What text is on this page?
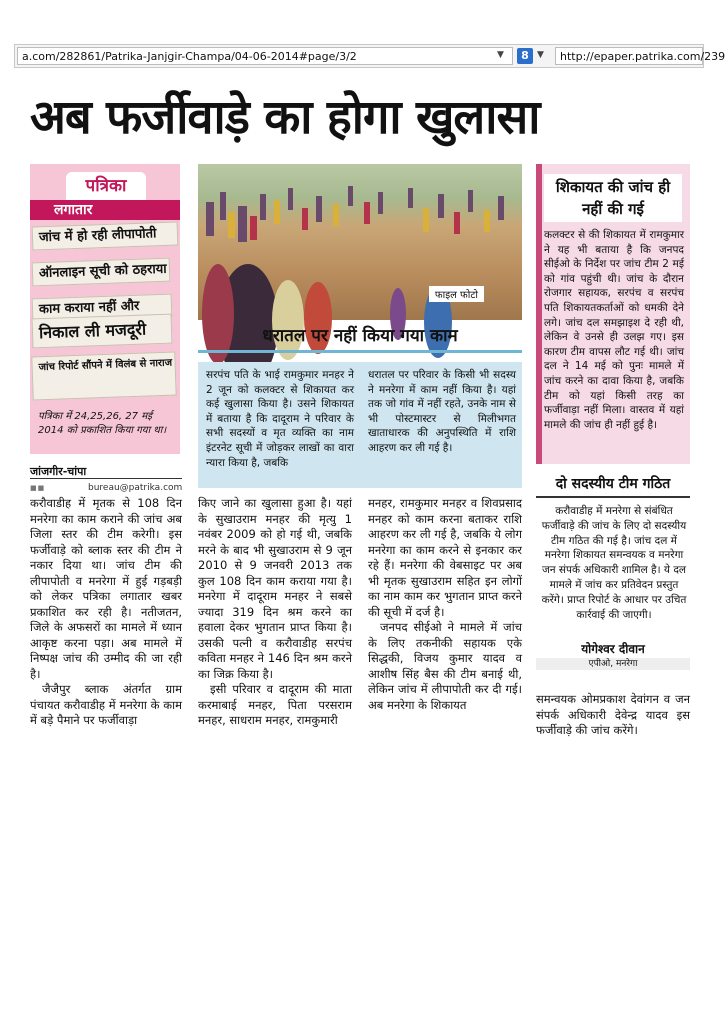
a.com/282861/Patrika-Janjgir-Champa/04-06-2014#page/3/2	▼	8 ▼	http://epaper.patrika.com/239
अब फर्जीवाड़े का होगा खुलासा
पत्रिका
लगातार
जांच में हो रही लीपापोती
ऑनलाइन सूची को ठहराया
काम कराया नहीं और
निकाल ली मजदूरी
जांच रिपोर्ट सौंपने में विलंब से नाराज
पत्रिका में 24,25,26, 27 मई 2014 को प्रकाशित किया गया था।
जांजगीर-चांपा
■■	bureau@patrika.com
फाइल फोटो
धरातल पर नहीं किया गया काम
सरपंच पति के भाई रामकुमार मनहर ने 2 जून को कलक्टर से शिकायत कर कई खुलासा किया है। उसने शिकायत में बताया है कि दादूराम ने परिवार के सभी सदस्यों व मृत व्यक्ति का नाम इंटरनेट सूची में जोड़कर लाखों का वारा न्यारा किया है, जबकि
धरातल पर परिवार के किसी भी सदस्य ने मनरेगा में काम नहीं किया है। यहां तक जो गांव में नहीं रहते, उनके नाम से भी पोस्टमास्टर से मिलीभगत खाताधारक की अनुपस्थिति में राशि आहरण कर ली गई है।

करौवाडीह में मृतक से 108 दिन मनरेगा का काम कराने की जांच अब जिला स्तर की टीम करेगी। इस फर्जीवाड़े को ब्लाक स्तर की टीम ने नकार दिया था। जांच टीम की लीपापोती व मनरेगा में हुई गड़बड़ी को लेकर पत्रिका लगातार खबर प्रकाशित कर रही है। नतीजतन, जिले के अफसरों का मामले में ध्यान आकृष्ट करना पड़ा। अब मामले में निष्पक्ष जांच की उम्मीद की जा रही है।

जैजैपुर ब्लाक अंतर्गत ग्राम पंचायत करौवाडीह में मनरेगा के काम में बड़े पैमाने पर फर्जीवाड़ा

किए जाने का खुलासा हुआ है। यहां के सुखाउराम मनहर की मृत्यु 1 नवंबर 2009 को हो गई थी, जबकि मरने के बाद भी सुखाउराम से 9 जून 2010 से 9 जनवरी 2013 तक कुल 108 दिन काम कराया गया है। मनरेगा में दादूराम मनहर ने सबसे ज्यादा 319 दिन श्रम करने का हवाला देकर भुगतान प्राप्त किया है। उसकी पत्नी व करौवाडीह सरपंच कविता मनहर ने 146 दिन श्रम करने का जिक्र किया है।

इसी परिवार व दादूराम की माता करमाबाई मनहर, पिता परसराम मनहर, साधराम मनहर, रामकुमारी

मनहर, रामकुमार मनहर व शिवप्रसाद मनहर को काम करना बताकर राशि आहरण कर ली गई है, जबकि ये लोग मनरेगा का काम करने से इनकार कर रहे हैं। मनरेगा की वेबसाइट पर अब भी मृतक सुखाउराम सहित इन लोगों का नाम काम कर भुगतान प्राप्त करने की सूची में दर्ज है।

जनपद सीईओ ने मामले में जांच के लिए तकनीकी सहायक एके सिद्धकी, विजय कुमार यादव व आशीष सिंह बैस की टीम बनाई थी, लेकिन जांच में लीपापोती कर दी गई। अब मनरेगा के शिकायत

शिकायत की जांच ही नहीं की गई
कलक्टर से की शिकायत में रामकुमार ने यह भी बताया है कि जनपद सीईओ के निर्देश पर जांच टीम 2 मई को गांव पहुंची थी। जांच के दौरान रोजगार सहायक, सरपंच व सरपंच पति शिकायतकर्ताओं को धमकी देने लगे। जांच दल समझाइश दे रही थी, लेकिन वे उनसे ही उलझ गए। इस कारण टीम वापस लौट गई थी। जांच दल ने 14 मई को पुनः मामले में जांच करने का दावा किया है, जबकि टीम को यहां किसी तरह का फर्जीवाड़ा नहीं मिला। वास्तव में यहां मामले की जांच ही नहीं हुई है।
दो सदस्यीय टीम गठित
करौवाडीह में मनरेगा से संबंधित फर्जीवाड़े की जांच के लिए दो सदस्यीय टीम गठित की गई है। जांच दल में मनरेगा शिकायत समन्वयक व मनरेगा जन संपर्क अधिकारी शामिल है। ये दल मामले में जांच कर प्रतिवेदन प्रस्तुत करेंगे। प्राप्त रिपोर्ट के आधार पर उचित कार्रवाई की जाएगी।
योगेश्वर दीवान
एपीओ, मनरेगा
समन्वयक ओमप्रकाश देवांगन व जन संपर्क अधिकारी देवेन्द्र यादव इस फर्जीवाड़े की जांच करेंगे।
